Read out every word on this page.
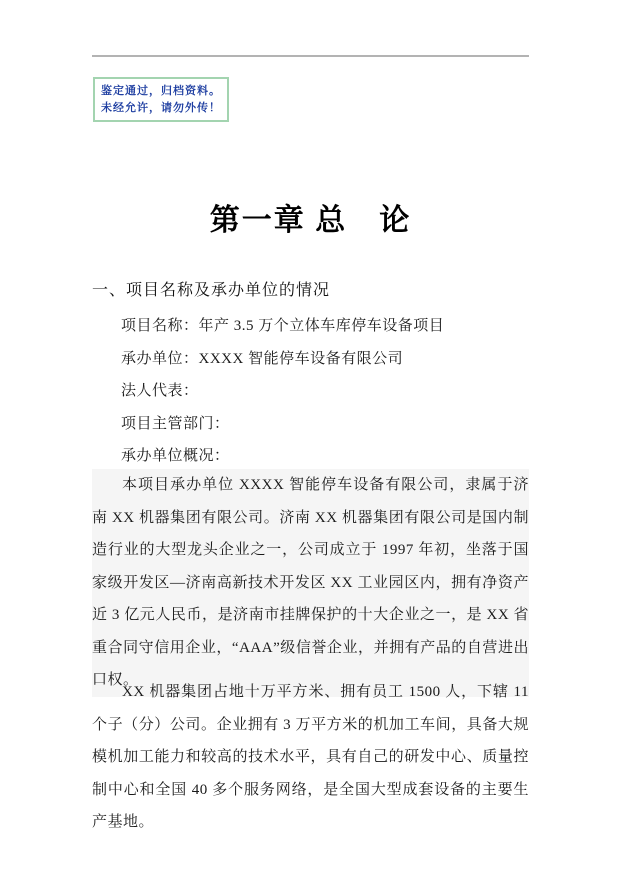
鉴定通过，归档资料。
未经允许，请勿外传！
第一章 总　论
一、项目名称及承办单位的情况
项目名称：年产 3.5 万个立体车库停车设备项目
承办单位：XXXX 智能停车设备有限公司
法人代表：
项目主管部门：
承办单位概况：
本项目承办单位 XXXX 智能停车设备有限公司，隶属于济南 XX 机器集团有限公司。济南 XX 机器集团有限公司是国内制造行业的大型龙头企业之一，公司成立于 1997 年初，坐落于国家级开发区—济南高新技术开发区 XX 工业园区内，拥有净资产近 3 亿元人民币，是济南市挂牌保护的十大企业之一，是 XX 省重合同守信用企业，“AAA”级信誉企业，并拥有产品的自营进出口权。
XX 机器集团占地十万平方米、拥有员工 1500 人，下辖 11 个子（分）公司。企业拥有 3 万平方米的机加工车间，具备大规模机加工能力和较高的技术水平，具有自己的研发中心、质量控制中心和全国 40 多个服务网络，是全国大型成套设备的主要生产基地。
